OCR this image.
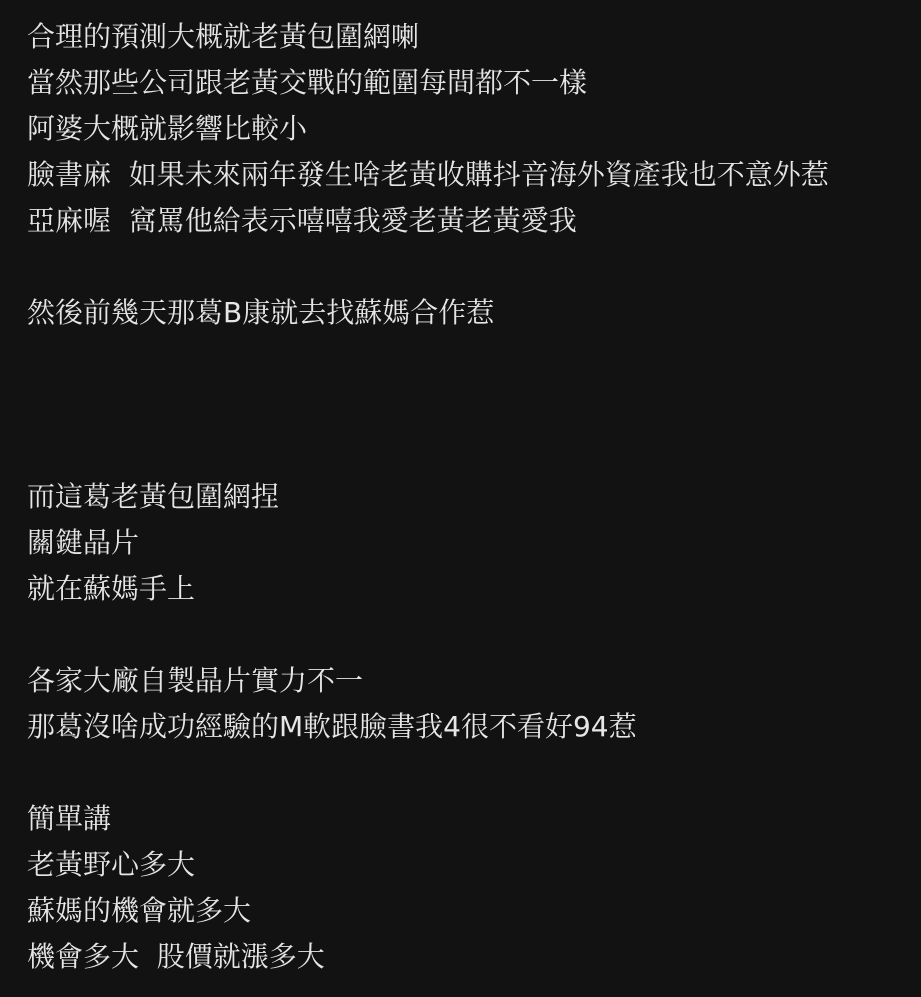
合理的預測大概就老黃包圍網喇
當然那些公司跟老黃交戰的範圍每間都不一樣
阿婆大概就影響比較小
臉書麻  如果未來兩年發生啥老黃收購抖音海外資產我也不意外惹
亞麻喔  窩罵他給表示嘻嘻我愛老黃老黃愛我
然後前幾天那葛B康就去找蘇媽合作惹
而這葛老黃包圍網捏
關鍵晶片
就在蘇媽手上
各家大廠自製晶片實力不一
那葛沒啥成功經驗的M軟跟臉書我4很不看好94惹
簡單講
老黃野心多大
蘇媽的機會就多大
機會多大  股價就漲多大
